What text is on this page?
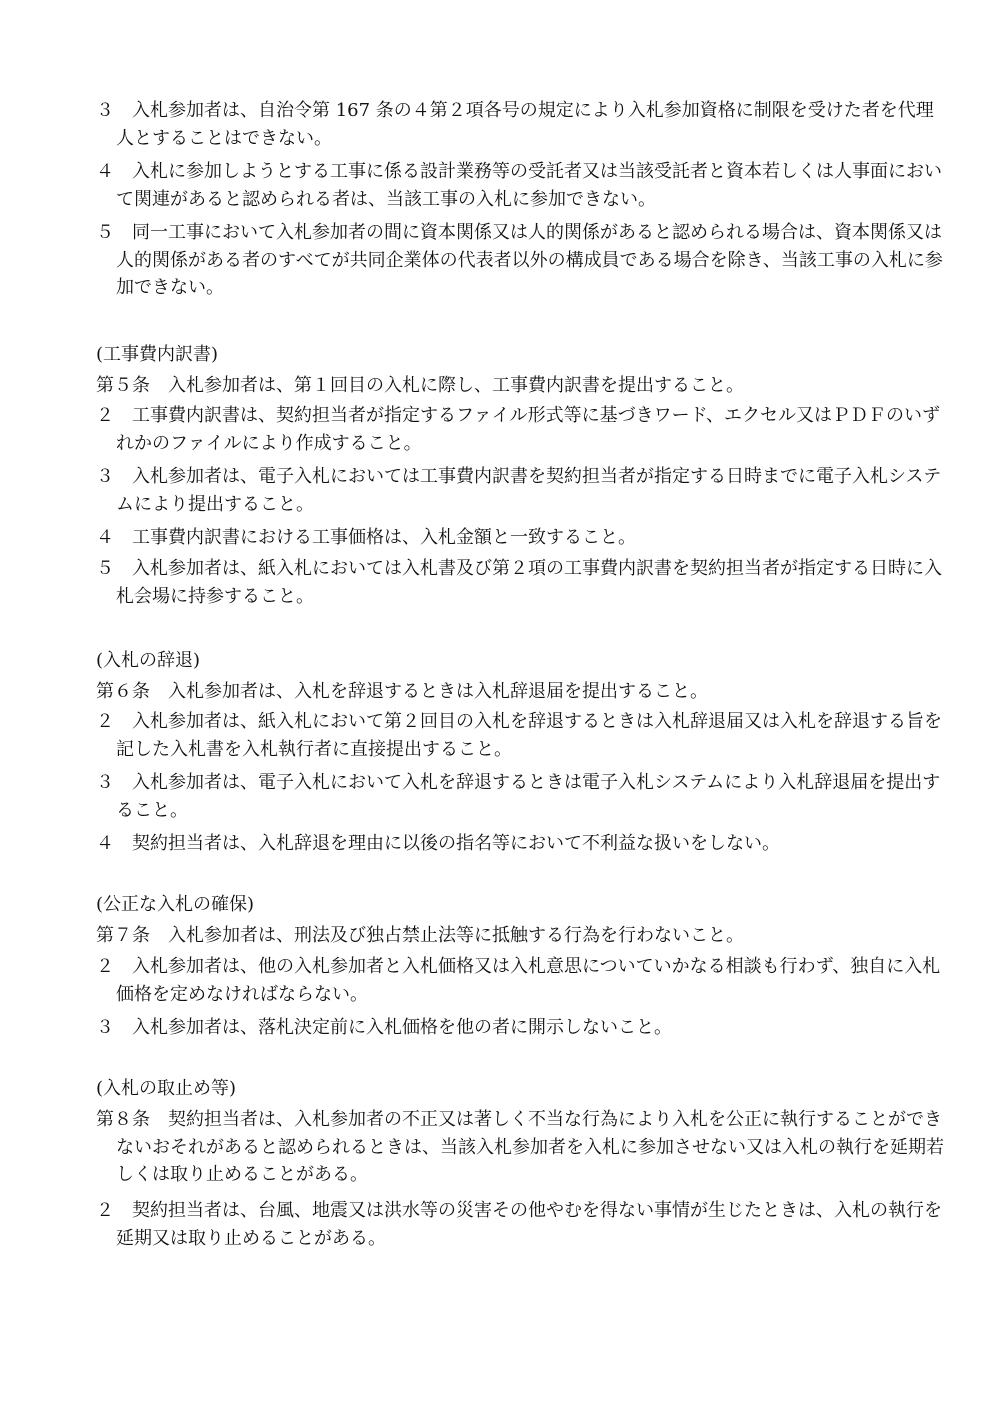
３　入札参加者は、自治令第 167 条の４第２項各号の規定により入札参加資格に制限を受けた者を代理人とすることはできない。

４　入札に参加しようとする工事に係る設計業務等の受託者又は当該受託者と資本若しくは人事面において関連があると認められる者は、当該工事の入札に参加できない。

５　同一工事において入札参加者の間に資本関係又は人的関係があると認められる場合は、資本関係又は人的関係がある者のすべてが共同企業体の代表者以外の構成員である場合を除き、当該工事の入札に参加できない。

(工事費内訳書)

第５条　入札参加者は、第１回目の入札に際し、工事費内訳書を提出すること。

２　工事費内訳書は、契約担当者が指定するファイル形式等に基づきワード、エクセル又はＰＤＦのいずれかのファイルにより作成すること。

３　入札参加者は、電子入札においては工事費内訳書を契約担当者が指定する日時までに電子入札システムにより提出すること。

４　工事費内訳書における工事価格は、入札金額と一致すること。

５　入札参加者は、紙入札においては入札書及び第２項の工事費内訳書を契約担当者が指定する日時に入札会場に持参すること。

(入札の辞退)

第６条　入札参加者は、入札を辞退するときは入札辞退届を提出すること。

２　入札参加者は、紙入札において第２回目の入札を辞退するときは入札辞退届又は入札を辞退する旨を記した入札書を入札執行者に直接提出すること。

３　入札参加者は、電子入札において入札を辞退するときは電子入札システムにより入札辞退届を提出すること。

４　契約担当者は、入札辞退を理由に以後の指名等において不利益な扱いをしない。

(公正な入札の確保)

第７条　入札参加者は、刑法及び独占禁止法等に抵触する行為を行わないこと。

２　入札参加者は、他の入札参加者と入札価格又は入札意思についていかなる相談も行わず、独自に入札価格を定めなければならない。

３　入札参加者は、落札決定前に入札価格を他の者に開示しないこと。

(入札の取止め等)

第８条　契約担当者は、入札参加者の不正又は著しく不当な行為により入札を公正に執行することができないおそれがあると認められるときは、当該入札参加者を入札に参加させない又は入札の執行を延期若しくは取り止めることがある。

２　契約担当者は、台風、地震又は洪水等の災害その他やむを得ない事情が生じたときは、入札の執行を延期又は取り止めることがある。
